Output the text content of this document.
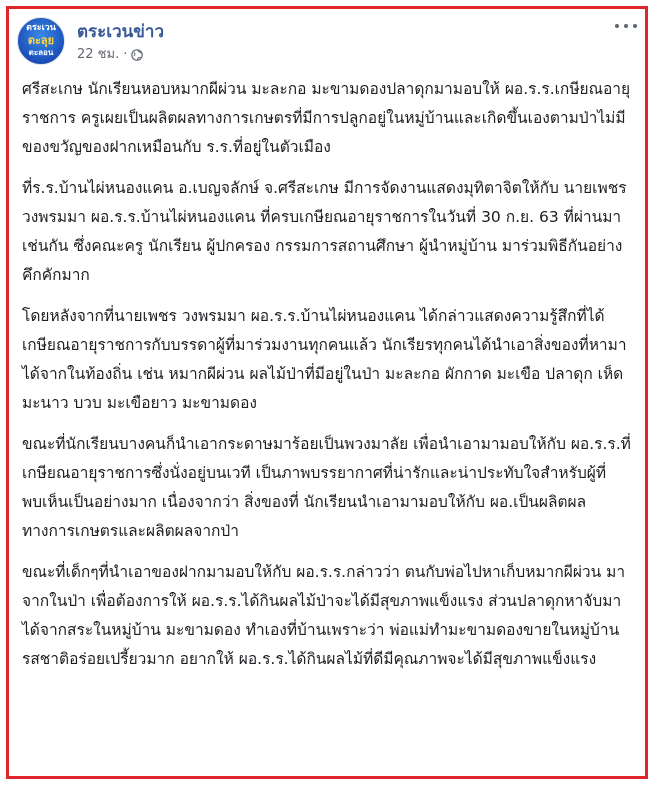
ตระเวน
ตะลุย
ตะลอน
ตระเวนข่าว
22 ชม. ·

ศรีสะเกษ นักเรียนหอบหมากผีผ่วน มะละกอ มะขามดองปลาดุกมามอบให้ ผอ.ร.ร.เกษียณอายุราชการ ครูเผยเป็นผลิตผลทางการเกษตรที่มีการปลูกอยู่ในหมู่บ้านและเกิดขึ้นเองตามป่าไม่มีของขวัญของฝากเหมือนกับ ร.ร.ที่อยู่ในตัวเมือง

ที่ร.ร.บ้านไผ่หนองแคน อ.เบญจลักษ์ จ.ศรีสะเกษ มีการจัดงานแสดงมุทิตาจิตให้กับ นายเพชร วงพรมมา ผอ.ร.ร.บ้านไผ่หนองแคน ที่ครบเกษียณอายุราชการในวันที่ 30 ก.ย. 63 ที่ผ่านมาเช่นกัน ซึ่งคณะครู นักเรียน ผู้ปกครอง กรรมการสถานศึกษา ผู้นำหมู่บ้าน มาร่วมพิธีกันอย่างคึกคักมาก

โดยหลังจากที่นายเพชร วงพรมมา ผอ.ร.ร.บ้านไผ่หนองแคน ได้กล่าวแสดงความรู้สึกที่ได้เกษียณอายุราชการกับบรรดาผู้ที่มาร่วมงานทุกคนแล้ว นักเรียรทุกคนได้นำเอาสิ่งของที่หามาได้จากในท้องถิ่น เช่น หมากผีผ่วน ผลไม้ป่าที่มีอยู่ในป่า มะละกอ ผักกาด มะเขือ ปลาดุก เห็ด มะนาว บวบ มะเขือยาว มะขามดอง

ขณะที่นักเรียนบางคนก็นำเอากระดาษมาร้อยเป็นพวงมาลัย เพื่อนำเอามามอบให้กับ ผอ.ร.ร.ที่เกษียณอายุราชการซึ่งนั่งอยู่บนเวที เป็นภาพบรรยากาศที่น่ารักและน่าประทับใจสำหรับผู้ที่พบเห็นเป็นอย่างมาก เนื่องจากว่า สิ่งของที่ นักเรียนนำเอามามอบให้กับ ผอ.เป็นผลิตผลทางการเกษตรและผลิตผลจากป่า

ขณะที่เด็กๆที่นำเอาของฝากมามอบให้กับ ผอ.ร.ร.กล่าวว่า ตนกับพ่อไปหาเก็บหมากผีผ่วน มาจากในป่า เพื่อต้องการให้ ผอ.ร.ร.ได้กินผลไม้ป่าจะได้มีสุขภาพแข็งแรง ส่วนปลาดุกหาจับมาได้จากสระในหมู่บ้าน มะขามดอง ทำเองที่บ้านเพราะว่า พ่อแม่ทำมะขามดองขายในหมู่บ้านรสชาติอร่อยเปรี้ยวมาก อยากให้ ผอ.ร.ร.ได้กินผลไม้ที่ดีมีคุณภาพจะได้มีสุขภาพแข็งแรง
